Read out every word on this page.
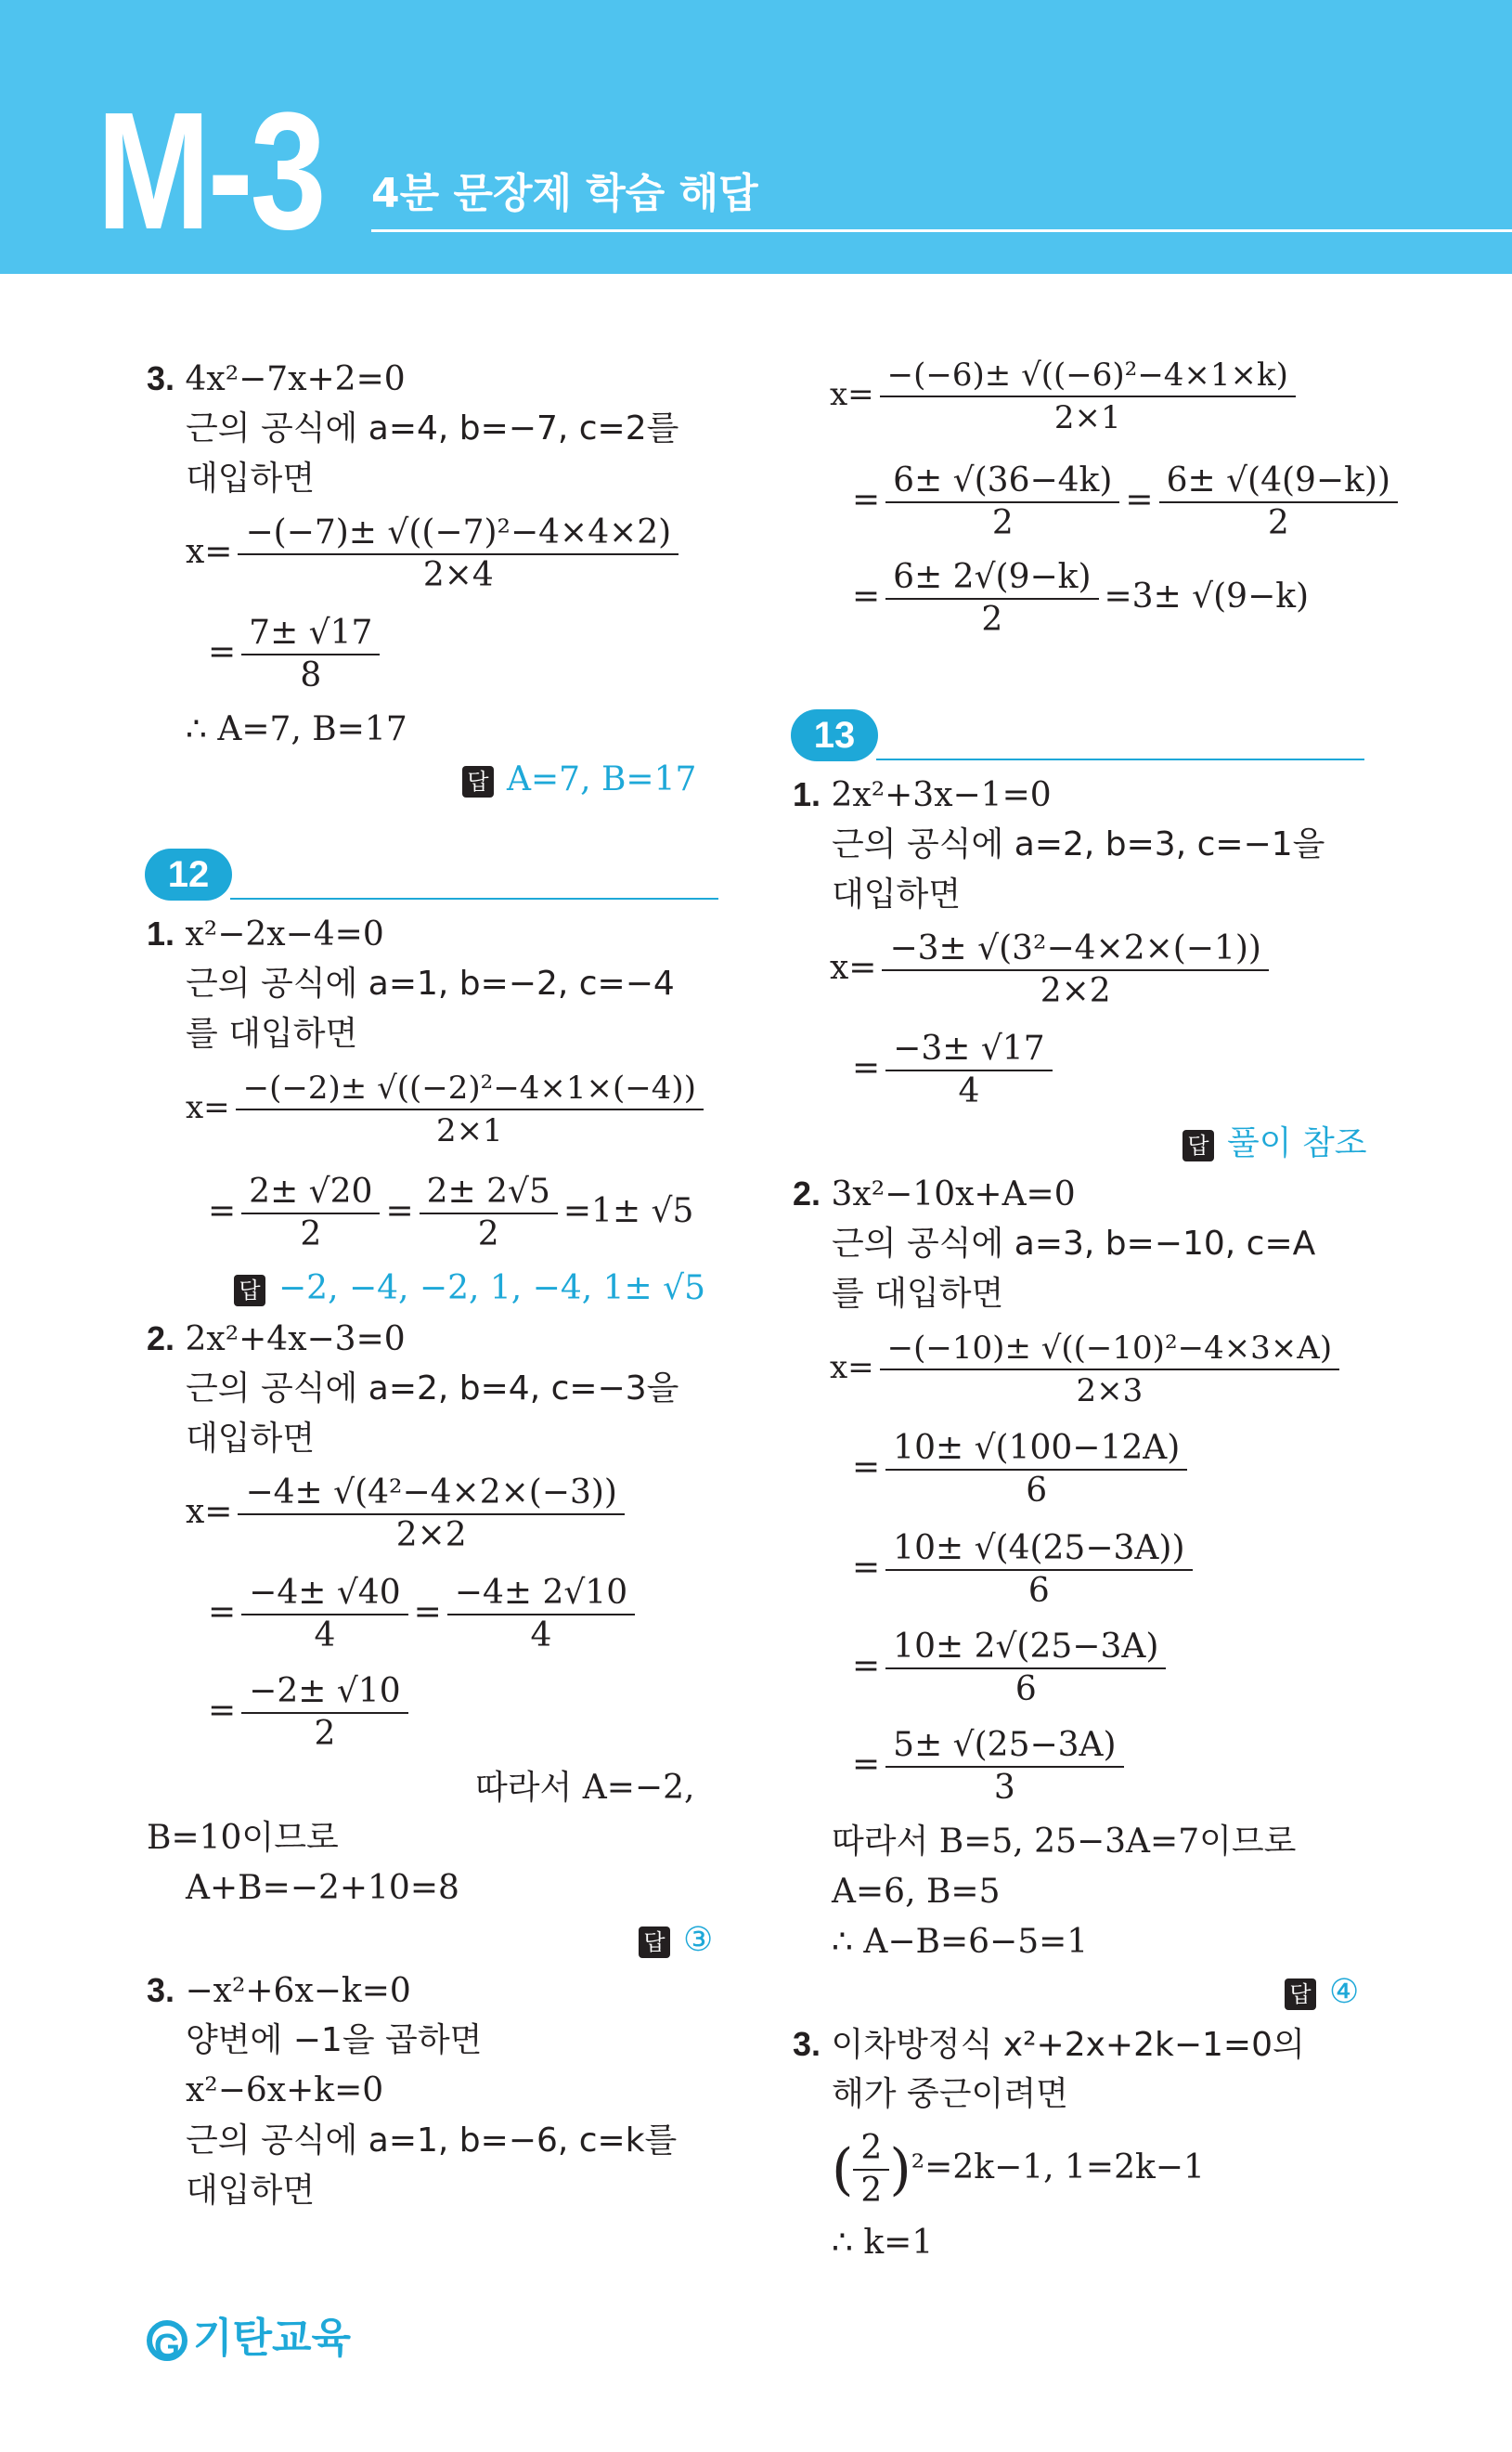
M-3 4분 문장제 학습 해답
3. 4x²−7x+2=0
근의 공식에 a=4, b=−7, c=2를
대입하면
$x= \frac{\text{−(−7)± √((−7)²−4×4×2)}}{2\times 4}$
= $\frac{7\pm √17}{8}$
∴ A=7, B=17
답 A=7, B=17
12
1. x²−2x−4=0
근의 공식에 a=1, b=−2, c=−4
를 대입하면
$x= \frac{\text{−(−2)± √((−2)²−4×1×(−4))}}{2\times 1}$
= $\frac{2\pm √20}{2} = \frac{2\pm 2√5}{2} =1\pm √5$
답 −2, −4, −2, 1, −4, 1± √5
2. 2x²+4x−3=0
근의 공식에 a=2, b=4, c=−3을
대입하면
$x= \frac{\text{−4± √(4²−4×2×(−3))}}{2\times 2}$
= $\frac{-4\pm √40}{4} = \frac{-4\pm 2√10}{4}$
= $\frac{-2\pm √10}{2}$
따라서 A=−2,
B=10이므로
A+B=−2+10=8
답 ③
3. −x²+6x−k=0
양변에 −1을 곱하면
x²−6x+k=0
근의 공식에 a=1, b=−6, c=k를
대입하면
$x= \frac{\text{−(−6)± √((−6)²−4×1×k)}}{2\times 1}$
= $\frac{6\pm √(36-4k)}{2} = \frac{6\pm √(4(9-k))}{2}$
= $\frac{6\pm 2√(9-k)}{2} =3\pm √(9-k)$
13
1. 2x²+3x−1=0
근의 공식에 a=2, b=3, c=−1을
대입하면
$x= \frac{\text{−3± √(3²−4×2×(−1))}}{2\times 2}$
= $\frac{-3\pm √17}{4}$
답 풀이 참조
2. 3x²−10x+A=0
근의 공식에 a=3, b=−10, c=A
를 대입하면
$x= \frac{\text{−(−10)± √((−10)²−4×3×A)}}{2\times 3}$
= $\frac{10\pm √(100-12A)}{6}$
= $\frac{10\pm √(4(25-3A))}{6}$
= $\frac{10\pm 2√(25-3A)}{6}$
= $\frac{5\pm √(25-3A)}{3}$
따라서 B=5, 25−3A=7이므로
A=6, B=5
∴ A−B=6−5=1
답 ④
3. 이차방정식 x²+2x+2k−1=0의
해가 중근이려면
( $\frac{2}{2} )^2=2k-1$, 1=2k−1
∴ k=1
G 기탄교육
